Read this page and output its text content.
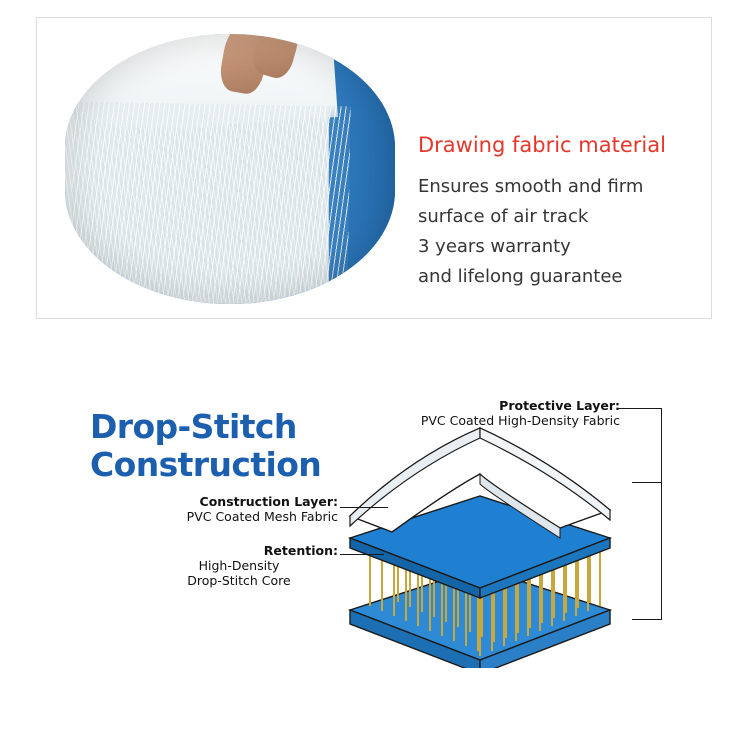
Drawing fabric material
Ensures smooth and firm
surface of air track
3 years warranty
and lifelong guarantee
Drop-Stitch
Construction
Protective Layer:
PVC Coated High-Density Fabric
Construction Layer:
PVC Coated Mesh Fabric
Retention:
High-Density
Drop-Stitch Core
